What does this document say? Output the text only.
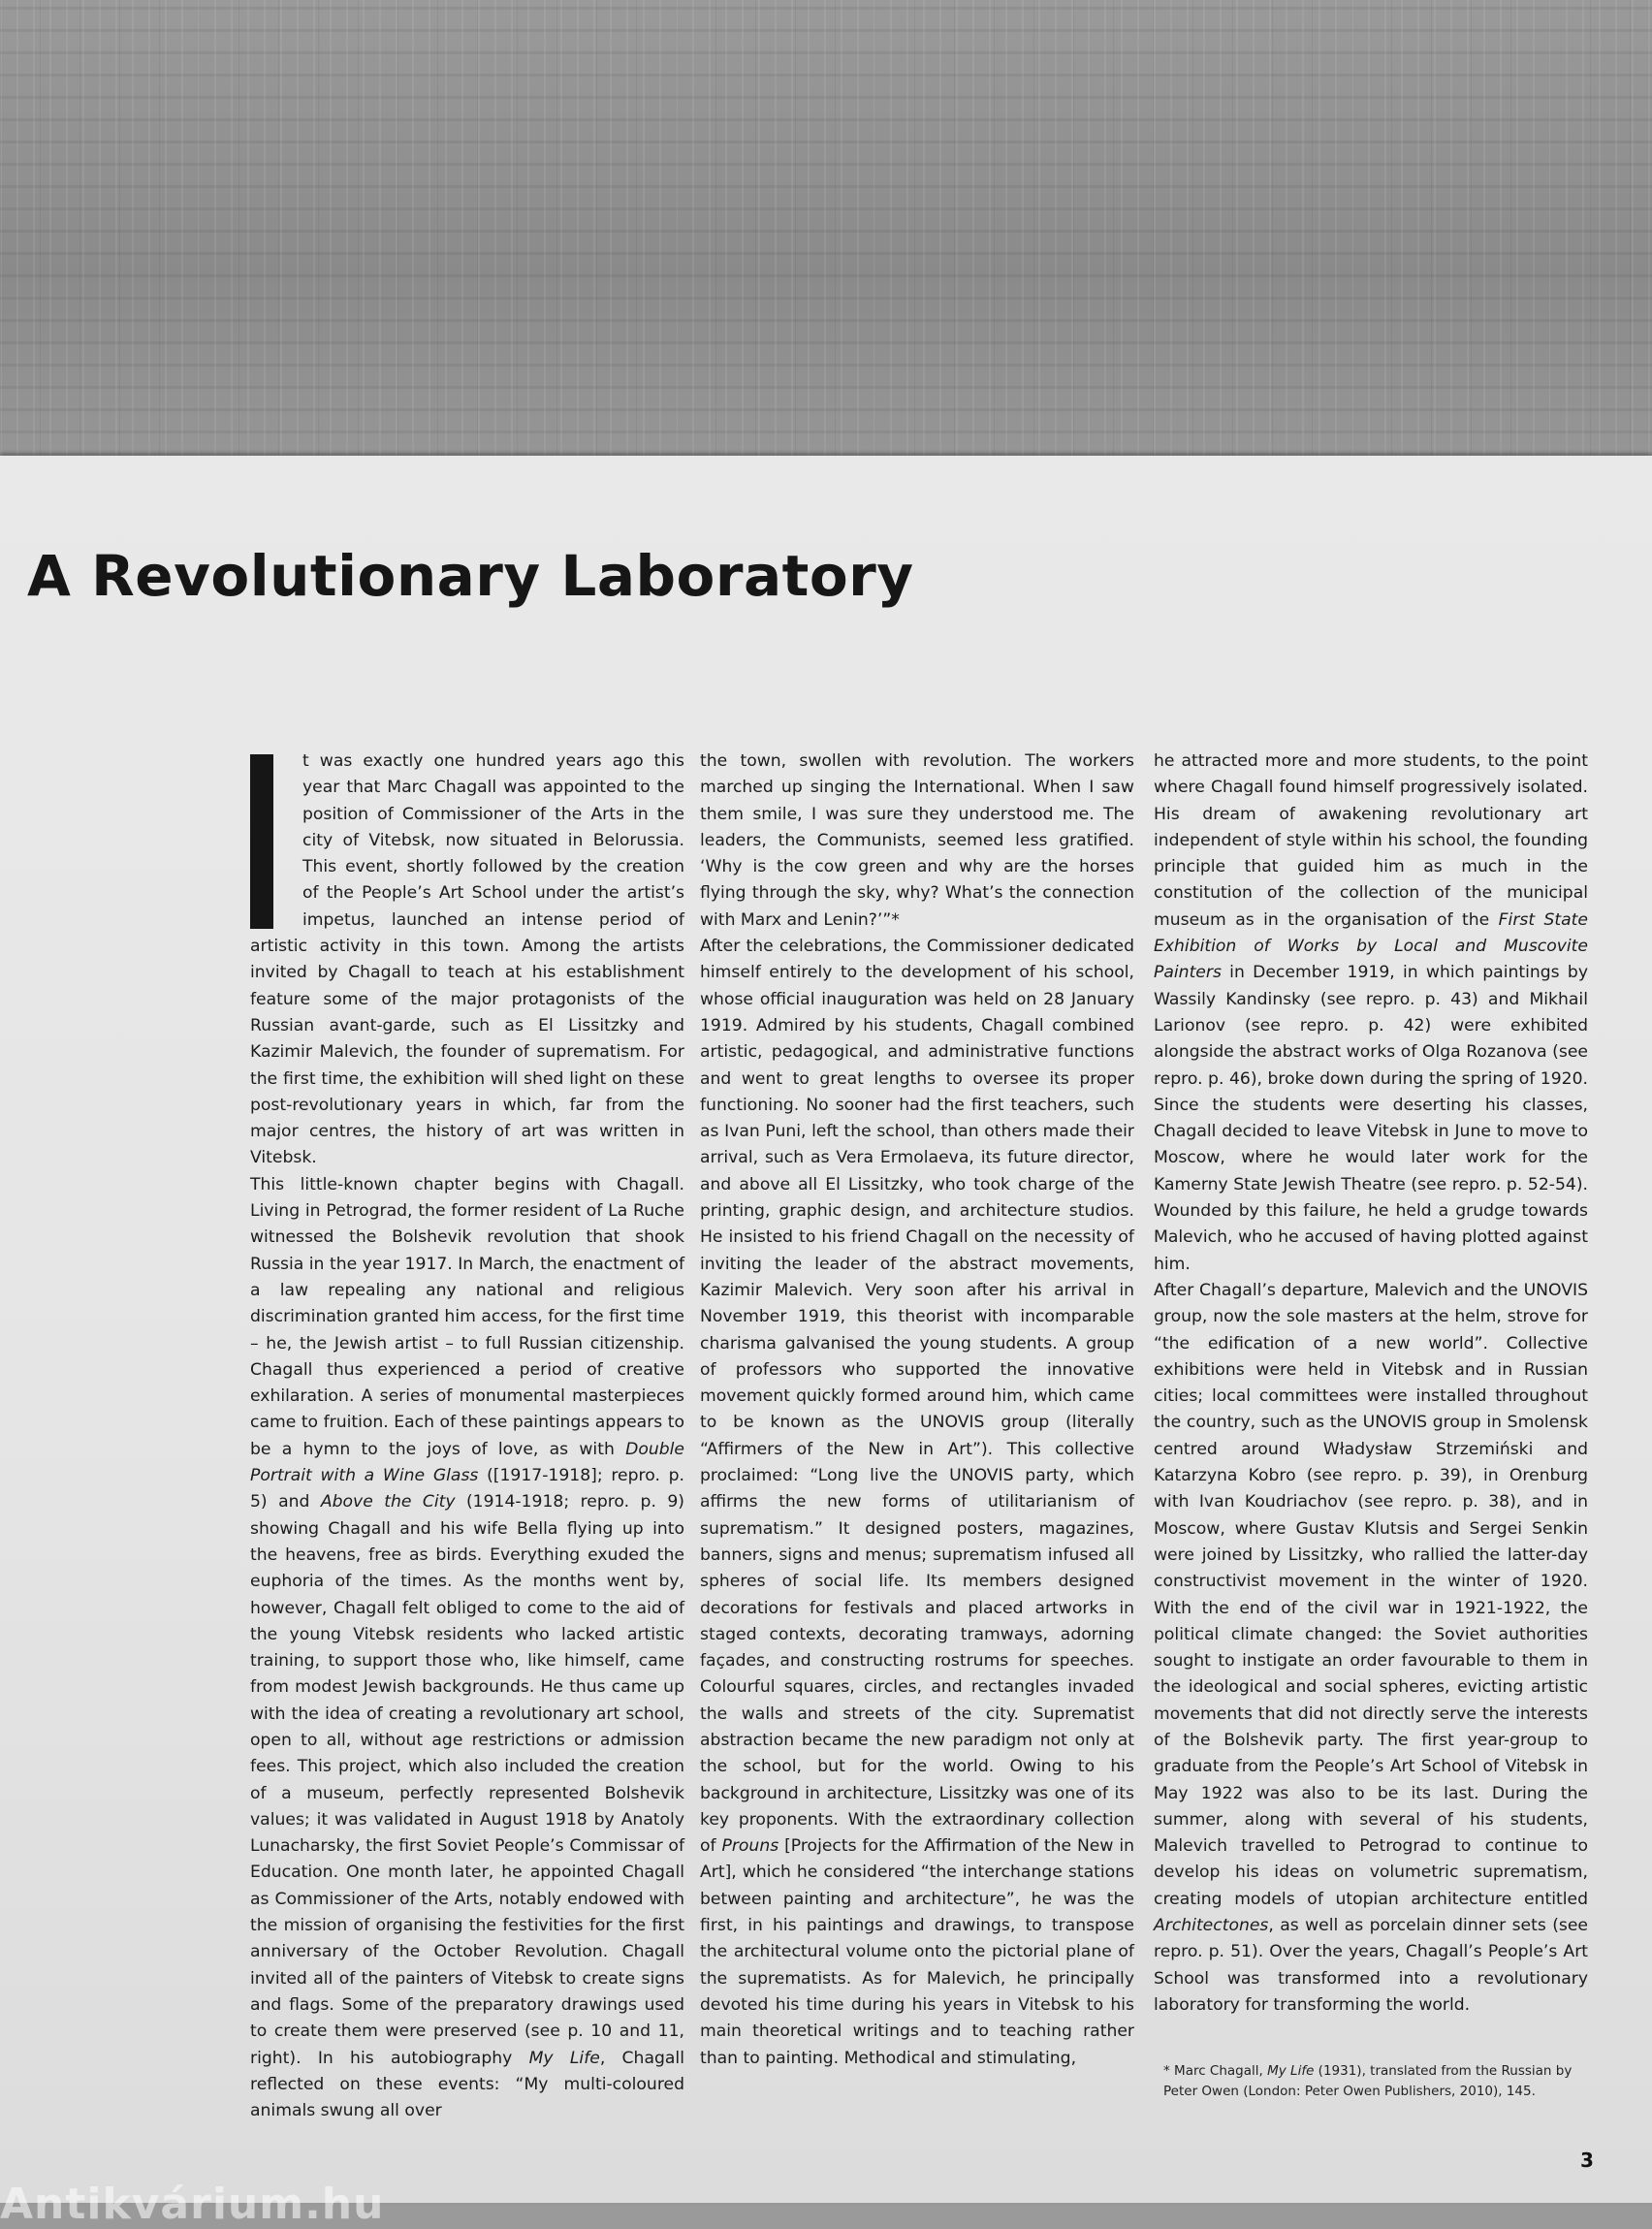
A Revolutionary Laboratory

t was exactly one hundred years ago this year that Marc Chagall was appointed to the position of Commissioner of the Arts in the city of Vitebsk, now situated in Belorussia. This event, shortly followed by the creation of the People’s Art School under the artist’s impetus, launched an intense period of artistic activity in this town. Among the artists invited by Chagall to teach at his establishment feature some of the major protagonists of the Russian avant-garde, such as El Lissitzky and Kazimir Malevich, the founder of suprematism. For the first time, the exhibition will shed light on these post-revolutionary years in which, far from the major centres, the history of art was written in Vitebsk.

This little-known chapter begins with Chagall. Living in Petrograd, the former resident of La Ruche witnessed the Bolshevik revolution that shook Russia in the year 1917. In March, the enactment of a law repealing any national and religious discrimination granted him access, for the first time – he, the Jewish artist – to full Russian citizenship. Chagall thus experienced a period of creative exhilaration. A series of monumental masterpieces came to fruition. Each of these paintings appears to be a hymn to the joys of love, as with Double Portrait with a Wine Glass ([1917-1918]; repro. p. 5) and Above the City (1914-1918; repro. p. 9) showing Chagall and his wife Bella flying up into the heavens, free as birds. Everything exuded the euphoria of the times. As the months went by, however, Chagall felt obliged to come to the aid of the young Vitebsk residents who lacked artistic training, to support those who, like himself, came from modest Jewish backgrounds. He thus came up with the idea of creating a revolutionary art school, open to all, without age restrictions or admission fees. This project, which also included the creation of a museum, perfectly represented Bolshevik values; it was validated in August 1918 by Anatoly Lunacharsky, the first Soviet People’s Commissar of Education. One month later, he appointed Chagall as Commissioner of the Arts, notably endowed with the mission of organising the festivities for the first anniversary of the October Revolution. Chagall invited all of the painters of Vitebsk to create signs and flags. Some of the preparatory drawings used to create them were preserved (see p. 10 and 11, right). In his autobiography My Life, Chagall reflected on these events: “My multi-coloured animals swung all over

the town, swollen with revolution. The workers marched up singing the International. When I saw them smile, I was sure they understood me. The leaders, the Communists, seemed less gratified. ‘Why is the cow green and why are the horses flying through the sky, why? What’s the connection with Marx and Lenin?’”*

After the celebrations, the Commissioner dedicated himself entirely to the development of his school, whose official inauguration was held on 28 January 1919. Admired by his students, Chagall combined artistic, pedagogical, and administrative functions and went to great lengths to oversee its proper functioning. No sooner had the first teachers, such as Ivan Puni, left the school, than others made their arrival, such as Vera Ermolaeva, its future director, and above all El Lissitzky, who took charge of the printing, graphic design, and architecture studios. He insisted to his friend Chagall on the necessity of inviting the leader of the abstract movements, Kazimir Malevich. Very soon after his arrival in November 1919, this theorist with incomparable charisma galvanised the young students. A group of professors who supported the innovative movement quickly formed around him, which came to be known as the UNOVIS group (literally “Affirmers of the New in Art”). This collective proclaimed: “Long live the UNOVIS party, which affirms the new forms of utilitarianism of suprematism.” It designed posters, magazines, banners, signs and menus; suprematism infused all spheres of social life. Its members designed decorations for festivals and placed artworks in staged contexts, decorating tramways, adorning façades, and constructing rostrums for speeches. Colourful squares, circles, and rectangles invaded the walls and streets of the city. Suprematist abstraction became the new paradigm not only at the school, but for the world. Owing to his background in architecture, Lissitzky was one of its key proponents. With the extraordinary collection of Prouns [Projects for the Affirmation of the New in Art], which he considered “the interchange stations between painting and architecture”, he was the first, in his paintings and drawings, to transpose the architectural volume onto the pictorial plane of the suprematists. As for Malevich, he principally devoted his time during his years in Vitebsk to his main theoretical writings and to teaching rather than to painting. Methodical and stimulating,

he attracted more and more students, to the point where Chagall found himself progressively isolated. His dream of awakening revolutionary art independent of style within his school, the founding principle that guided him as much in the constitution of the collection of the municipal museum as in the organisation of the First State Exhibition of Works by Local and Muscovite Painters in December 1919, in which paintings by Wassily Kandinsky (see repro. p. 43) and Mikhail Larionov (see repro. p. 42) were exhibited alongside the abstract works of Olga Rozanova (see repro. p. 46), broke down during the spring of 1920. Since the students were deserting his classes, Chagall decided to leave Vitebsk in June to move to Moscow, where he would later work for the Kamerny State Jewish Theatre (see repro. p. 52-54). Wounded by this failure, he held a grudge towards Malevich, who he accused of having plotted against him.

After Chagall’s departure, Malevich and the UNOVIS group, now the sole masters at the helm, strove for “the edification of a new world”. Collective exhibitions were held in Vitebsk and in Russian cities; local committees were installed throughout the country, such as the UNOVIS group in Smolensk centred around Władysław Strzemiński and Katarzyna Kobro (see repro. p. 39), in Orenburg with Ivan Koudriachov (see repro. p. 38), and in Moscow, where Gustav Klutsis and Sergei Senkin were joined by Lissitzky, who rallied the latter-day constructivist movement in the winter of 1920. With the end of the civil war in 1921-1922, the political climate changed: the Soviet authorities sought to instigate an order favourable to them in the ideological and social spheres, evicting artistic movements that did not directly serve the interests of the Bolshevik party. The first year-group to graduate from the People’s Art School of Vitebsk in May 1922 was also to be its last. During the summer, along with several of his students, Malevich travelled to Petrograd to continue to develop his ideas on volumetric suprematism, creating models of utopian architecture entitled Architectones, as well as porcelain dinner sets (see repro. p. 51). Over the years, Chagall’s People’s Art School was transformed into a revolutionary laboratory for transforming the world.

* Marc Chagall, My Life (1931), translated from the Russian by Peter Owen (London: Peter Owen Publishers, 2010), 145.
3
Antikvárium.hu
